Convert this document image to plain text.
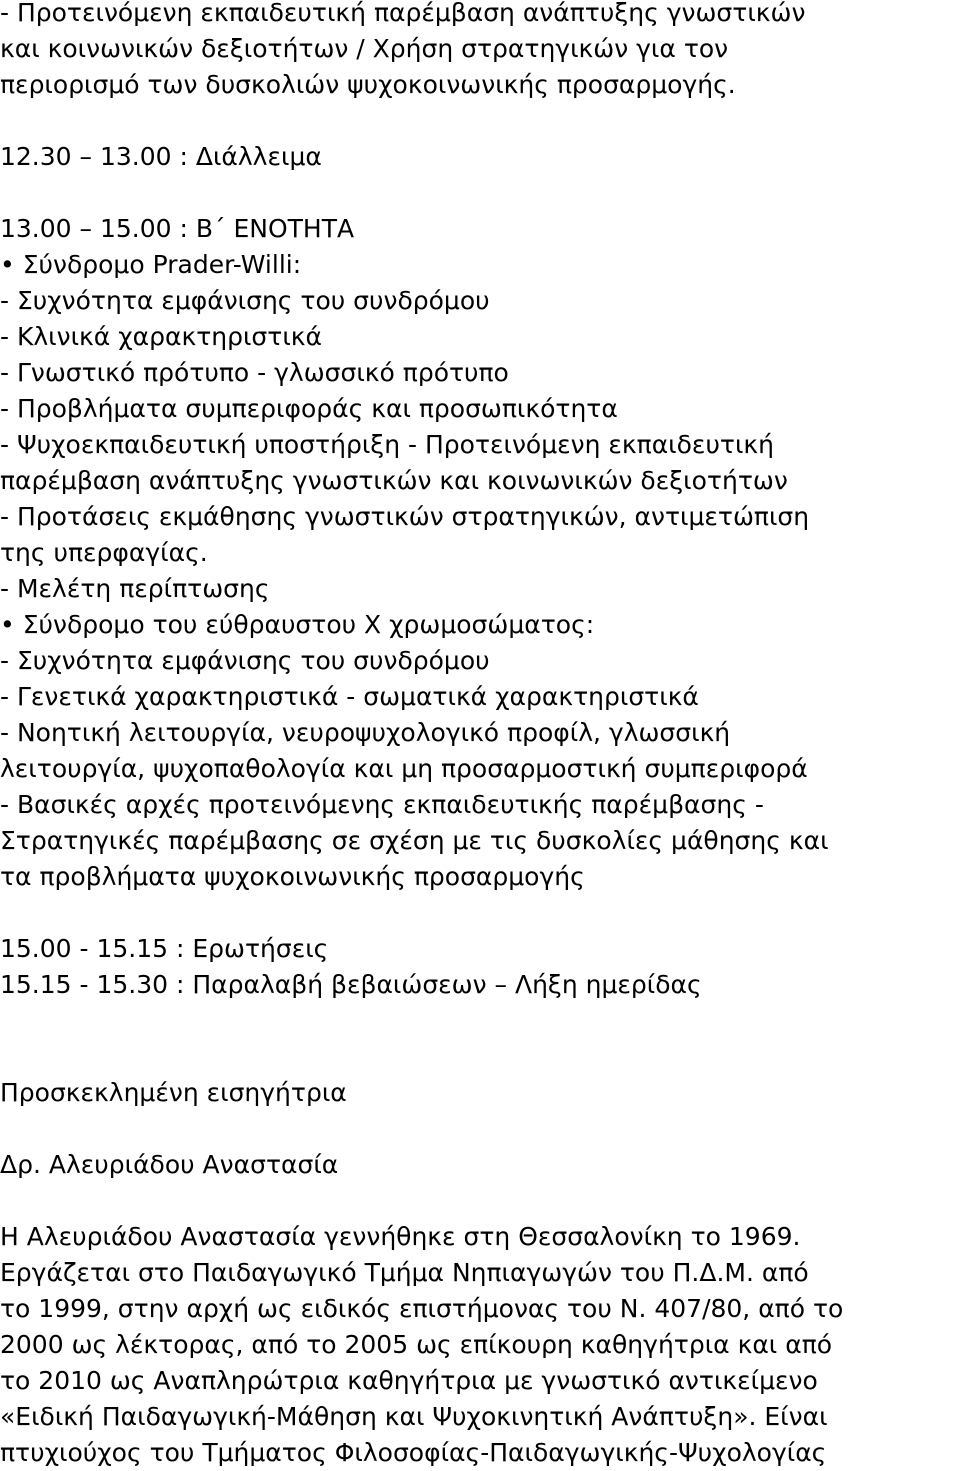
- Προτεινόμενη εκπαιδευτική παρέμβαση ανάπτυξης γνωστικών
και κοινωνικών δεξιοτήτων / Χρήση στρατηγικών για τον
περιορισμό των δυσκολιών ψυχοκοινωνικής προσαρμογής.
12.30 – 13.00 : Διάλλειμα
13.00 – 15.00 : Β΄ ΕΝΟΤΗΤΑ
• Σύνδρομο Prader-Willi:
- Συχνότητα εμφάνισης του συνδρόμου
- Κλινικά χαρακτηριστικά
- Γνωστικό πρότυπο - γλωσσικό πρότυπο
- Προβλήματα συμπεριφοράς και προσωπικότητα
- Ψυχοεκπαιδευτική υποστήριξη - Προτεινόμενη εκπαιδευτική
παρέμβαση ανάπτυξης γνωστικών και κοινωνικών δεξιοτήτων
- Προτάσεις εκμάθησης γνωστικών στρατηγικών, αντιμετώπιση
της υπερφαγίας.
- Μελέτη περίπτωσης
• Σύνδρομο του εύθραυστου Χ χρωμοσώματος:
- Συχνότητα εμφάνισης του συνδρόμου
- Γενετικά χαρακτηριστικά - σωματικά χαρακτηριστικά
- Νοητική λειτουργία, νευροψυχολογικό προφίλ, γλωσσική
λειτουργία, ψυχοπαθολογία και μη προσαρμοστική συμπεριφορά
- Βασικές αρχές προτεινόμενης εκπαιδευτικής παρέμβασης -
Στρατηγικές παρέμβασης σε σχέση με τις δυσκολίες μάθησης και
τα προβλήματα ψυχοκοινωνικής προσαρμογής
15.00 - 15.15 : Ερωτήσεις
15.15 - 15.30 : Παραλαβή βεβαιώσεων – Λήξη ημερίδας
Προσκεκλημένη εισηγήτρια
Δρ. Αλευριάδου Αναστασία
Η Αλευριάδου Αναστασία γεννήθηκε στη Θεσσαλονίκη το 1969.
Εργάζεται στο Παιδαγωγικό Τμήμα Νηπιαγωγών του Π.Δ.Μ. από
το 1999, στην αρχή ως ειδικός επιστήμονας του Ν. 407/80, από το
2000 ως λέκτορας, από το 2005 ως επίκουρη καθηγήτρια και από
το 2010 ως Αναπληρώτρια καθηγήτρια με γνωστικό αντικείμενο
«Ειδική Παιδαγωγική-Μάθηση και Ψυχοκινητική Ανάπτυξη». Είναι
πτυχιούχος του Τμήματος Φιλοσοφίας-Παιδαγωγικής-Ψυχολογίας
